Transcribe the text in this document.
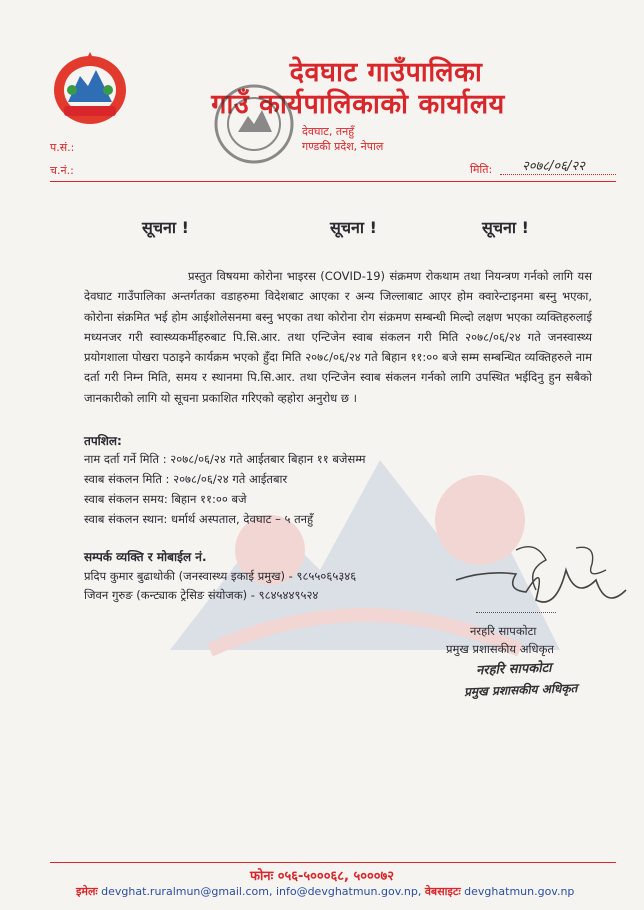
देवघाट गाउँपालिका
गाउँ कार्यपालिकाको कार्यालय
देवघाट, तनहुँ
गण्डकी प्रदेश, नेपाल
प.सं.:
च.नं.:	मिति: २०७८/०६/२२
सूचना !	सूचना !	सूचना !
प्रस्तुत विषयमा कोरोना भाइरस (COVID-19) संक्रमण रोकथाम तथा नियन्त्रण गर्नको लागि यस देवघाट गाउँपालिका अन्तर्गतका वडाहरुमा विदेशबाट आएका र अन्य जिल्लाबाट आएर होम क्वारेन्टाइनमा बस्नु भएका, कोरोना संक्रमित भई होम आईशोलेसनमा बस्नु भएका तथा कोरोना रोग संक्रमण सम्बन्धी मिल्दो लक्षण भएका व्यक्तिहरुलाई मध्यनजर गरी स्वास्थ्यकर्मीहरुबाट पि.सि.आर. तथा एन्टिजेन स्वाब संकलन गरी मिति २०७८/०६/२४ गते जनस्वास्थ्य प्रयोगशाला पोखरा पठाइने कार्यक्रम भएको हुँदा मिति २०७८/०६/२४ गते बिहान ११:०० बजे सम्म सम्बन्धित व्यक्तिहरुले नाम दर्ता गरी निम्न मिति, समय र स्थानमा पि.सि.आर. तथा एन्टिजेन स्वाब संकलन गर्नको लागि उपस्थित भईदिनु हुन सबैको जानकारीको लागि यो सूचना प्रकाशित गरिएको व्हहोरा अनुरोध छ ।
तपशिल:
नाम दर्ता गर्ने मिति : २०७८/०६/२४ गते आईतबार बिहान ११ बजेसम्म
स्वाब संकलन मिति : २०७८/०६/२४ गते आईतबार
स्वाब संकलन समय: बिहान ११:०० बजे
स्वाब संकलन स्थान: धर्मार्थ अस्पताल, देवघाट – ५ तनहुँ
सम्पर्क व्यक्ति र मोबाईल नं.
प्रदिप कुमार बुढाथोकी (जनस्वास्थ्य इकाई प्रमुख) - ९८५५०६५३४६
जिवन गुरुङ (कन्ट्याक ट्रेसिङ संयोजक) - ९८४५४४९५२४
नरहरि सापकोटा
प्रमुख प्रशासकीय अधिकृत
नरहरि सापकोटा
प्रमुख प्रशासकीय अधिकृत
फोनः ०५६-५०००६८, ५०००७२
इमेलः devghat.ruralmun@gmail.com, info@devghatmun.gov.np, वेबसाइटः devghatmun.gov.np
